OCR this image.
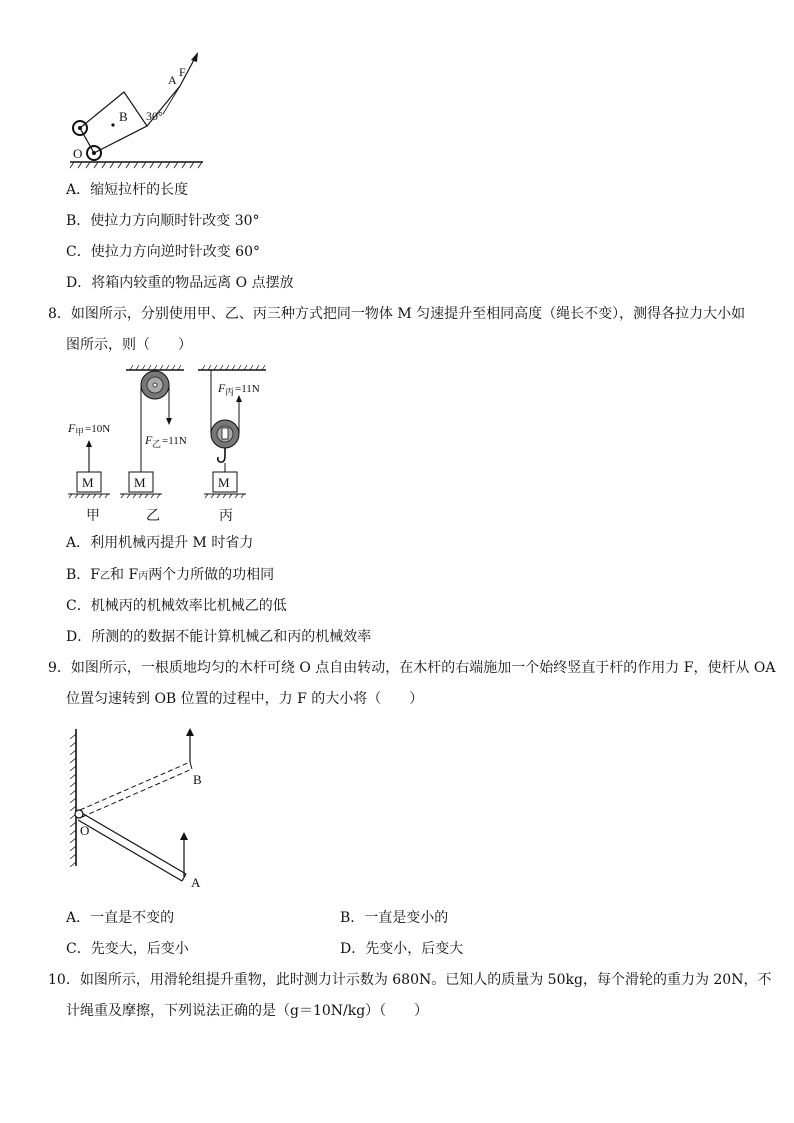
B
A
F
30°
O
A．缩短拉杆的长度
B．使拉力方向顺时针改变 30°
C．使拉力方向逆时针改变 60°
D．将箱内较重的物品远离 O 点摆放
8．如图所示，分别使用甲、乙、丙三种方式把同一物体 M 匀速提升至相同高度（绳长不变），测得各拉力大小如
图所示，则（　　）
M
F 甲 =10N
甲
M
F 乙 =11N
乙
M
F 丙 =11N
丙
A．利用机械丙提升 M 时省力
B．F乙和 F丙两个力所做的功相同
C．机械丙的机械效率比机械乙的低
D．所测的的数据不能计算机械乙和丙的机械效率
9．如图所示，一根质地均匀的木杆可绕 O 点自由转动，在木杆的右端施加一个始终竖直于杆的作用力 F，使杆从 OA
位置匀速转到 OB 位置的过程中，力 F 的大小将（　　）
B
O
A
A．一直是不变的	B．一直是变小的
C．先变大，后变小	D．先变小，后变大
10．如图所示，用滑轮组提升重物，此时测力计示数为 680N。已知人的质量为 50kg，每个滑轮的重力为 20N，不
计绳重及摩擦，下列说法正确的是（g＝10N/kg）（　　）
